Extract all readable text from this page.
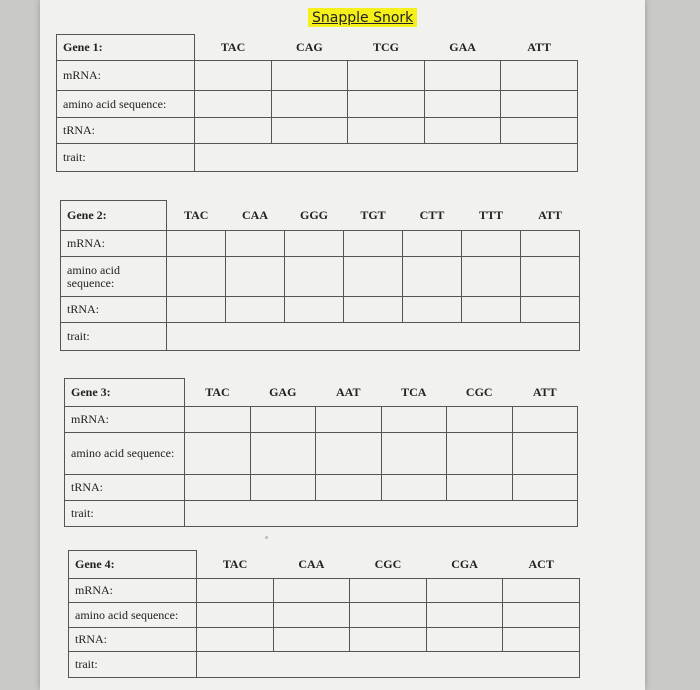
Snapple Snork
Gene 1:	TAC	CAG	TCG	GAA	ATT
mRNA:					
amino acid sequence:					
tRNA:					
trait:					
Gene 2:	TAC	CAA	GGG	TGT	CTT	TTT	ATT
mRNA:							
amino acid sequence:							
tRNA:							
trait:							
Gene 3:	TAC	GAG	AAT	TCA	CGC	ATT
mRNA:						
amino acid sequence:						
tRNA:						
trait:						
Gene 4:	TAC	CAA	CGC	CGA	ACT
mRNA:					
amino acid sequence:					
tRNA:					
trait:					
